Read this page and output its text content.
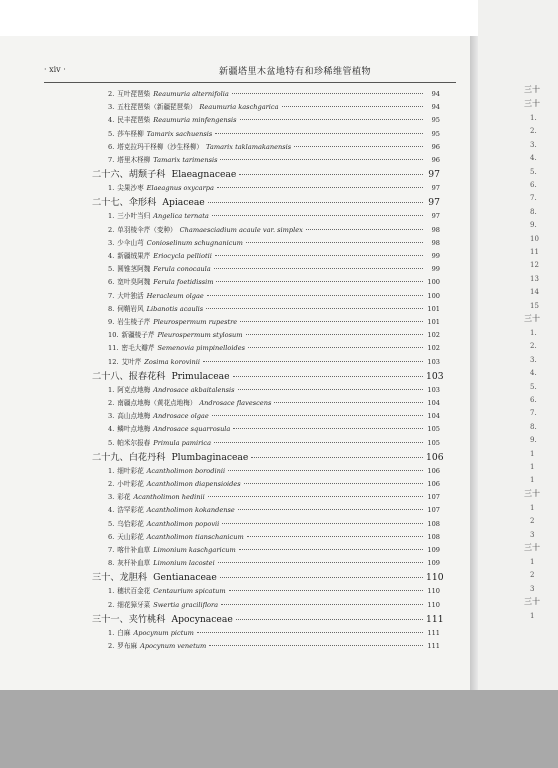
三十
三十
1.
2.
3.
4.
5.
6.
7.
8.
9.
10
11
12
13
14
15
三十
1.
2.
3.
4.
5.
6.
7.
8.
9.
1
1
1
三十
1
2
3
三十
1
2
3
三十
1
· xiv ·	新疆塔里木盆地特有和珍稀维管植物
2. 互叶琵琶柴 Reaumuria alternifolia	94
3. 五柱琵琶柴（新疆琵琶柴） Reaumuria kaschgarica	94
4. 民丰琵琶柴 Reaumuria minfengensis	95
5. 莎车柽柳 Tamarix sachuensis	95
6. 塔克拉玛干柽柳（沙生柽柳） Tamarix taklamakanensis	96
7. 塔里木柽柳 Tamarix tarimensis	96
二十六、胡颓子科 Elaeagnaceae	97
1. 尖果沙枣 Elaeagnus oxycarpa	97
二十七、伞形科 Apiaceae	97
1. 三小叶当归 Angelica ternata	97
2. 单羽棱伞芹（变种） Chamaesciadium acaule var. simplex	98
3. 少伞山芎 Conioselinum schugnanicum	98
4. 新疆绒果芹 Eriocycla pelliotii	99
5. 圆锥茎阿魏 Ferula conocaula	99
6. 宽叶臭阿魏 Ferula foetidissim	100
7. 大叶独活 Heracleum olgae	100
8. 伺鞘岩风 Libanotis acaulis	101
9. 岩生棱子芹 Pleurospermum rupestre	101
10. 新疆棱子芹 Pleurospermum stylosum	102
11. 密毛大瓣芹 Semenovia pimpinelloides	102
12. 艾叶芹 Zosima korovinii	103
二十八、报春花科 Primulaceae	103
1. 阿克点地梅 Androsace akbaitalensis	103
2. 南疆点地梅（黄花点地梅） Androsace flavescens	104
3. 高山点地梅 Androsace olgae	104
4. 鳞叶点地梅 Androsace squarrosula	105
5. 帕米尔报春 Primula pamirica	105
二十九、白花丹科 Plumbaginaceae	106
1. 细叶彩花 Acantholimon borodinii	106
2. 小叶彩花 Acantholimon diapensioides	106
3. 彩花 Acantholimon hedinii	107
4. 浩罕彩花 Acantholimon kokandense	107
5. 乌恰彩花 Acantholimon popovii	108
6. 天山彩花 Acantholimon tianschanicum	108
7. 喀什补血草 Limonium kaschgaricum	109
8. 灰杆补血草 Limonium lacostei	109
三十、龙胆科 Gentianaceae	110
1. 穗状百金花 Centaurium spicatum	110
2. 细花獐牙菜 Swertia graciliflora	110
三十一、夹竹桃科 Apocynaceae	111
1. 白麻 Apocynum pictum	111
2. 罗布麻 Apocynum venetum	111
